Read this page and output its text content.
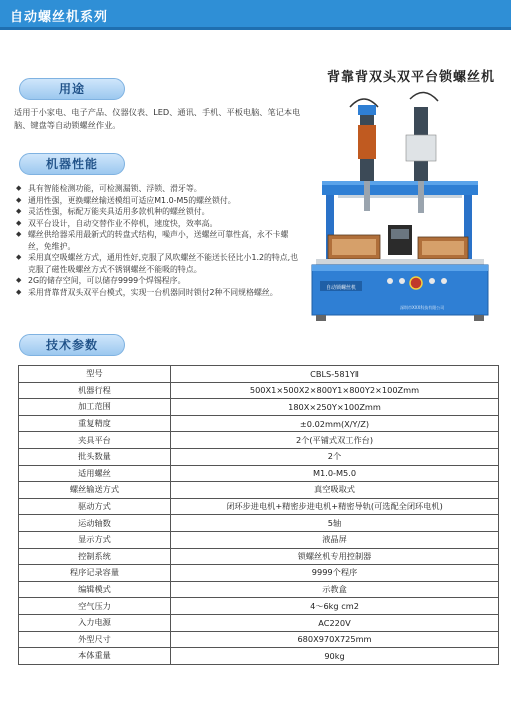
自动螺丝机系列
背靠背双头双平台锁螺丝机
用途
适用于小家电、电子产品、仪器仪表、LED、通讯、手机、平板电脑、笔记本电脑、键盘等自动锁螺丝作业。
机器性能
◆ 具有智能检测功能，可检测漏锁、浮锁、滑牙等。
◆ 通用性强，更换螺丝输送模组可适应M1.0-M5的螺丝锁付。
◆ 灵活性强，标配万能夹具适用多款机种的螺丝锁付。
◆ 双平台设计，自动交替作业不停机，速度快，效率高。
◆ 螺丝供给器采用最新式的转盘式结构，噪声小，送螺丝可靠性高，永不卡螺丝，免维护。
◆ 采用真空吸螺丝方式，通用性好,克服了风吹螺丝不能送长径比小1.2的特点,也克服了磁性吸螺丝方式不锈钢螺丝不能吸的特点。
◆ 2G的储存空间，可以储存9999个焊锡程序。
◆ 采用背靠背双头双平台模式，实现一台机器同时锁付2种不同规格螺丝。	自动锁螺丝机
深圳市XXX科技有限公司
技术参数
型号	CBLS-581YⅡ
机器行程	500X1×500X2×800Y1×800Y2×100Zmm
加工范围	180X×250Y×100Zmm
重复精度	±0.02mm(X/Y/Z)
夹具平台	2个(平铺式双工作台)
批头数量	2个
适用螺丝	M1.0-M5.0
螺丝输送方式	真空吸取式
驱动方式	闭环步进电机+精密步进电机+精密导轨(可选配全闭环电机)
运动轴数	5轴
显示方式	液晶屏
控制系统	锁螺丝机专用控制器
程序记录容量	9999个程序
编辑模式	示教盒
空气压力	4～6kg cm2
入力电源	AC220V
外型尺寸	680X970X725mm
本体重量	90kg
